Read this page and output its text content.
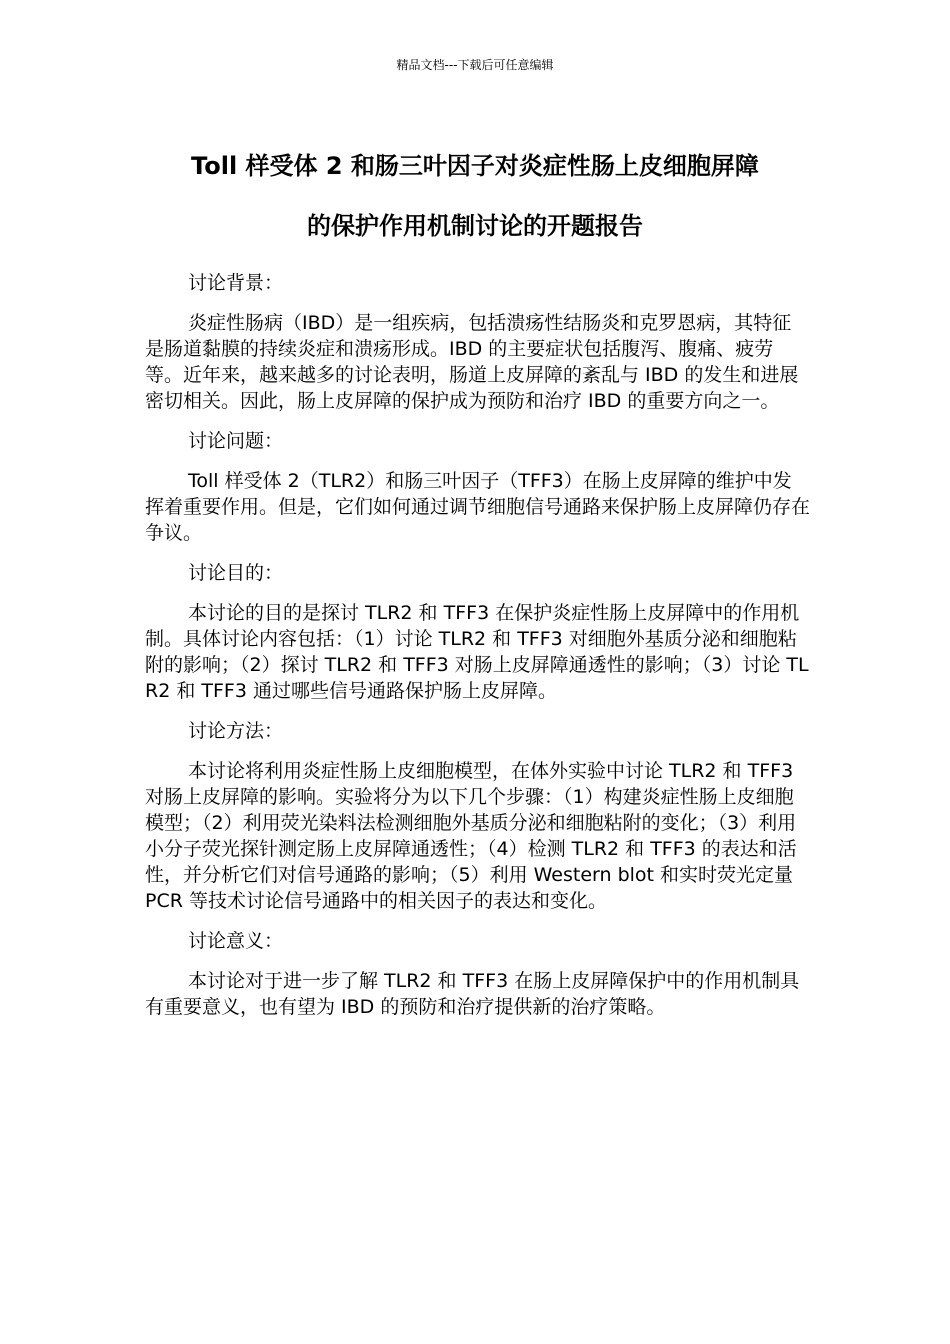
精品文档---下载后可任意编辑
Toll 样受体 2 和肠三叶因子对炎症性肠上皮细胞屏障
的保护作用机制讨论的开题报告

讨论背景：

炎症性肠病（IBD）是一组疾病，包括溃疡性结肠炎和克罗恩病，其特征是肠道黏膜的持续炎症和溃疡形成。IBD 的主要症状包括腹泻、腹痛、疲劳等。近年来，越来越多的讨论表明，肠道上皮屏障的紊乱与 IBD 的发生和进展密切相关。因此，肠上皮屏障的保护成为预防和治疗 IBD 的重要方向之一。

讨论问题：

Toll 样受体 2（TLR2）和肠三叶因子（TFF3）在肠上皮屏障的维护中发挥着重要作用。但是，它们如何通过调节细胞信号通路来保护肠上皮屏障仍存在争议。

讨论目的：

本讨论的目的是探讨 TLR2 和 TFF3 在保护炎症性肠上皮屏障中的作用机制。具体讨论内容包括：（1）讨论 TLR2 和 TFF3 对细胞外基质分泌和细胞粘附的影响；（2）探讨 TLR2 和 TFF3 对肠上皮屏障通透性的影响；（3）讨论 TLR2 和 TFF3 通过哪些信号通路保护肠上皮屏障。

讨论方法：

本讨论将利用炎症性肠上皮细胞模型，在体外实验中讨论 TLR2 和 TFF3 对肠上皮屏障的影响。实验将分为以下几个步骤：（1）构建炎症性肠上皮细胞模型；（2）利用荧光染料法检测细胞外基质分泌和细胞粘附的变化；（3）利用小分子荧光探针测定肠上皮屏障通透性；（4）检测 TLR2 和 TFF3 的表达和活性，并分析它们对信号通路的影响；（5）利用 Western blot 和实时荧光定量 PCR 等技术讨论信号通路中的相关因子的表达和变化。

讨论意义：

本讨论对于进一步了解 TLR2 和 TFF3 在肠上皮屏障保护中的作用机制具有重要意义，也有望为 IBD 的预防和治疗提供新的治疗策略。
